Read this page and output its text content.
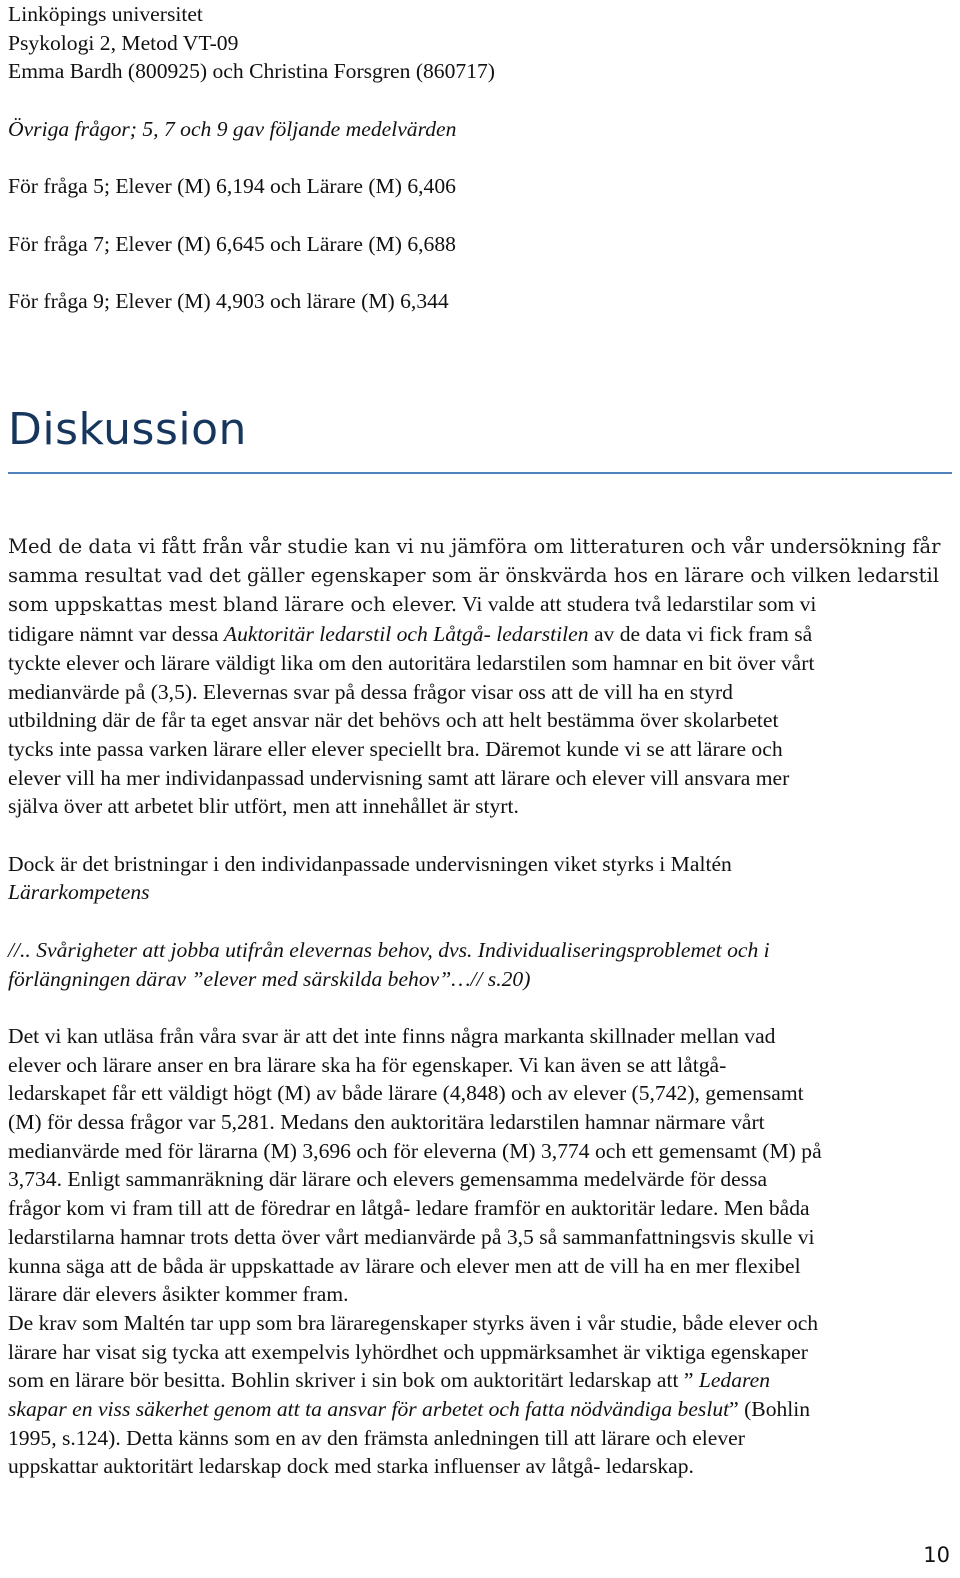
Linköpings universitet
Psykologi 2, Metod VT-09
Emma Bardh (800925) och Christina Forsgren (860717)
Övriga frågor; 5, 7 och 9 gav följande medelvärden
För fråga 5; Elever (M) 6,194 och Lärare (M) 6,406
För fråga 7; Elever (M) 6,645 och Lärare (M) 6,688
För fråga 9; Elever (M) 4,903 och lärare (M) 6,344
Diskussion
Med de data vi fått från vår studie kan vi nu jämföra om litteraturen och vår undersökning får
samma resultat vad det gäller egenskaper som är önskvärda hos en lärare och vilken ledarstil
som uppskattas mest bland lärare och elever. Vi valde att studera två ledarstilar som vi
tidigare nämnt var dessa Auktoritär ledarstil och Låtgå- ledarstilen av de data vi fick fram så
tyckte elever och lärare väldigt lika om den autoritära ledarstilen som hamnar en bit över vårt
medianvärde på (3,5). Elevernas svar på dessa frågor visar oss att de vill ha en styrd
utbildning där de får ta eget ansvar när det behövs och att helt bestämma över skolarbetet
tycks inte passa varken lärare eller elever speciellt bra. Däremot kunde vi se att lärare och
elever vill ha mer individanpassad undervisning samt att lärare och elever vill ansvara mer
själva över att arbetet blir utfört, men att innehållet är styrt.
Dock är det bristningar i den individanpassade undervisningen viket styrks i Maltén
Lärarkompetens
//.. Svårigheter att jobba utifrån elevernas behov, dvs. Individualiseringsproblemet och i
förlängningen därav ”elever med särskilda behov”…// s.20)
Det vi kan utläsa från våra svar är att det inte finns några markanta skillnader mellan vad
elever och lärare anser en bra lärare ska ha för egenskaper. Vi kan även se att låtgå-
ledarskapet får ett väldigt högt (M) av både lärare (4,848) och av elever (5,742), gemensamt
(M) för dessa frågor var 5,281. Medans den auktoritära ledarstilen hamnar närmare vårt
medianvärde med för lärarna (M) 3,696 och för eleverna (M) 3,774 och ett gemensamt (M) på
3,734. Enligt sammanräkning där lärare och elevers gemensamma medelvärde för dessa
frågor kom vi fram till att de föredrar en låtgå- ledare framför en auktoritär ledare. Men båda
ledarstilarna hamnar trots detta över vårt medianvärde på 3,5 så sammanfattningsvis skulle vi
kunna säga att de båda är uppskattade av lärare och elever men att de vill ha en mer flexibel
lärare där elevers åsikter kommer fram.
De krav som Maltén tar upp som bra läraregenskaper styrks även i vår studie, både elever och
lärare har visat sig tycka att exempelvis lyhördhet och uppmärksamhet är viktiga egenskaper
som en lärare bör besitta. Bohlin skriver i sin bok om auktoritärt ledarskap att ” Ledaren
skapar en viss säkerhet genom att ta ansvar för arbetet och fatta nödvändiga beslut” (Bohlin
1995, s.124). Detta känns som en av den främsta anledningen till att lärare och elever
uppskattar auktoritärt ledarskap dock med starka influenser av låtgå- ledarskap.
10
